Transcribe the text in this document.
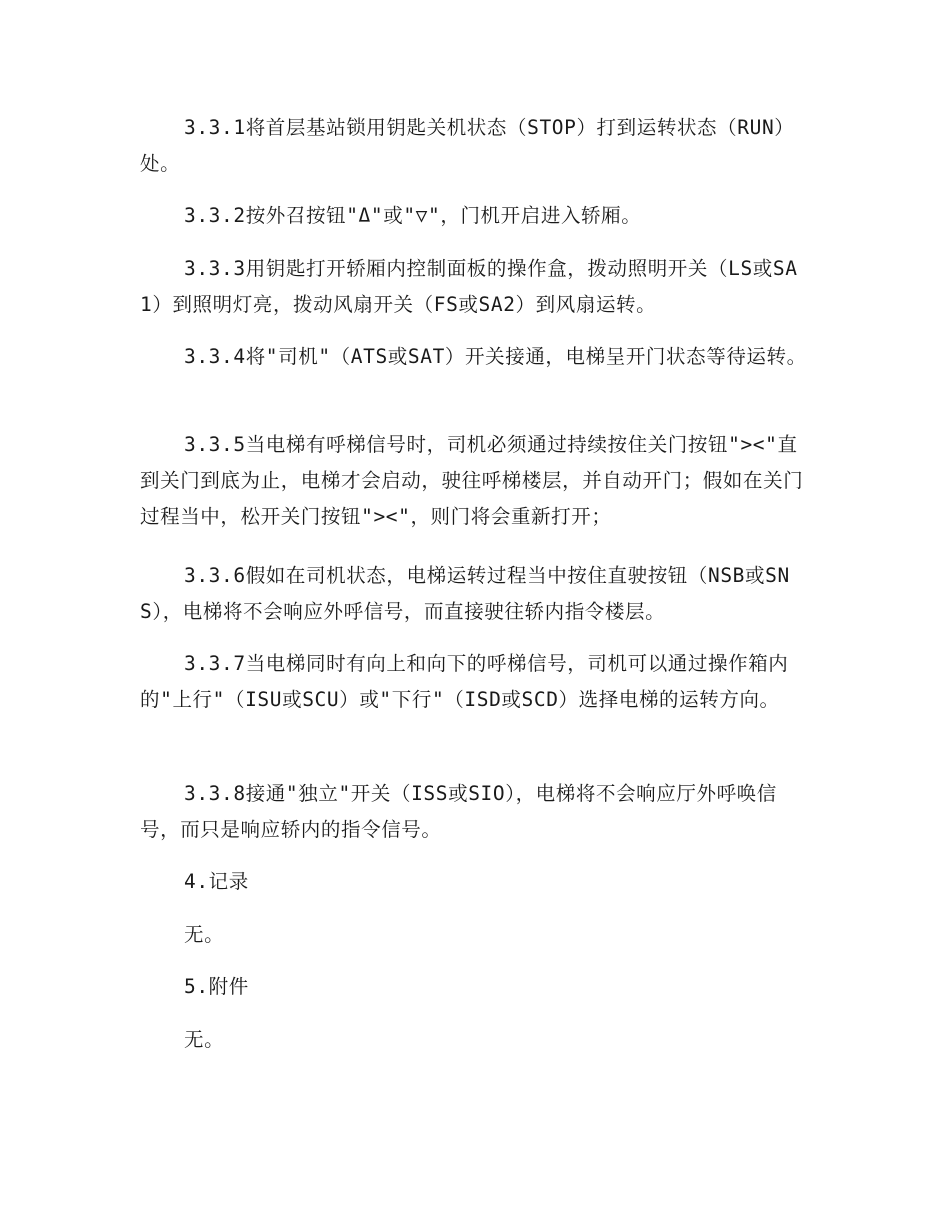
3.3.1将首层基站锁用钥匙关机状态（STOP）打到运转状态（RUN）处。

3.3.2按外召按钮"Δ"或"▽"，门机开启进入轿厢。

3.3.3用钥匙打开轿厢内控制面板的操作盒，拨动照明开关（LS或SA1）到照明灯亮，拨动风扇开关（FS或SA2）到风扇运转。

3.3.4将"司机"（ATS或SAT）开关接通，电梯呈开门状态等待运转。

3.3.5当电梯有呼梯信号时，司机必须通过持续按住关门按钮"><"直到关门到底为止，电梯才会启动，驶往呼梯楼层，并自动开门；假如在关门过程当中，松开关门按钮"><"，则门将会重新打开；

3.3.6假如在司机状态，电梯运转过程当中按住直驶按钮（NSB或SNS），电梯将不会响应外呼信号，而直接驶往轿内指令楼层。

3.3.7当电梯同时有向上和向下的呼梯信号，司机可以通过操作箱内的"上行"（ISU或SCU）或"下行"（ISD或SCD）选择电梯的运转方向。

3.3.8接通"独立"开关（ISS或SIO），电梯将不会响应厅外呼唤信号，而只是响应轿内的指令信号。

4.记录

无。

5.附件

无。
